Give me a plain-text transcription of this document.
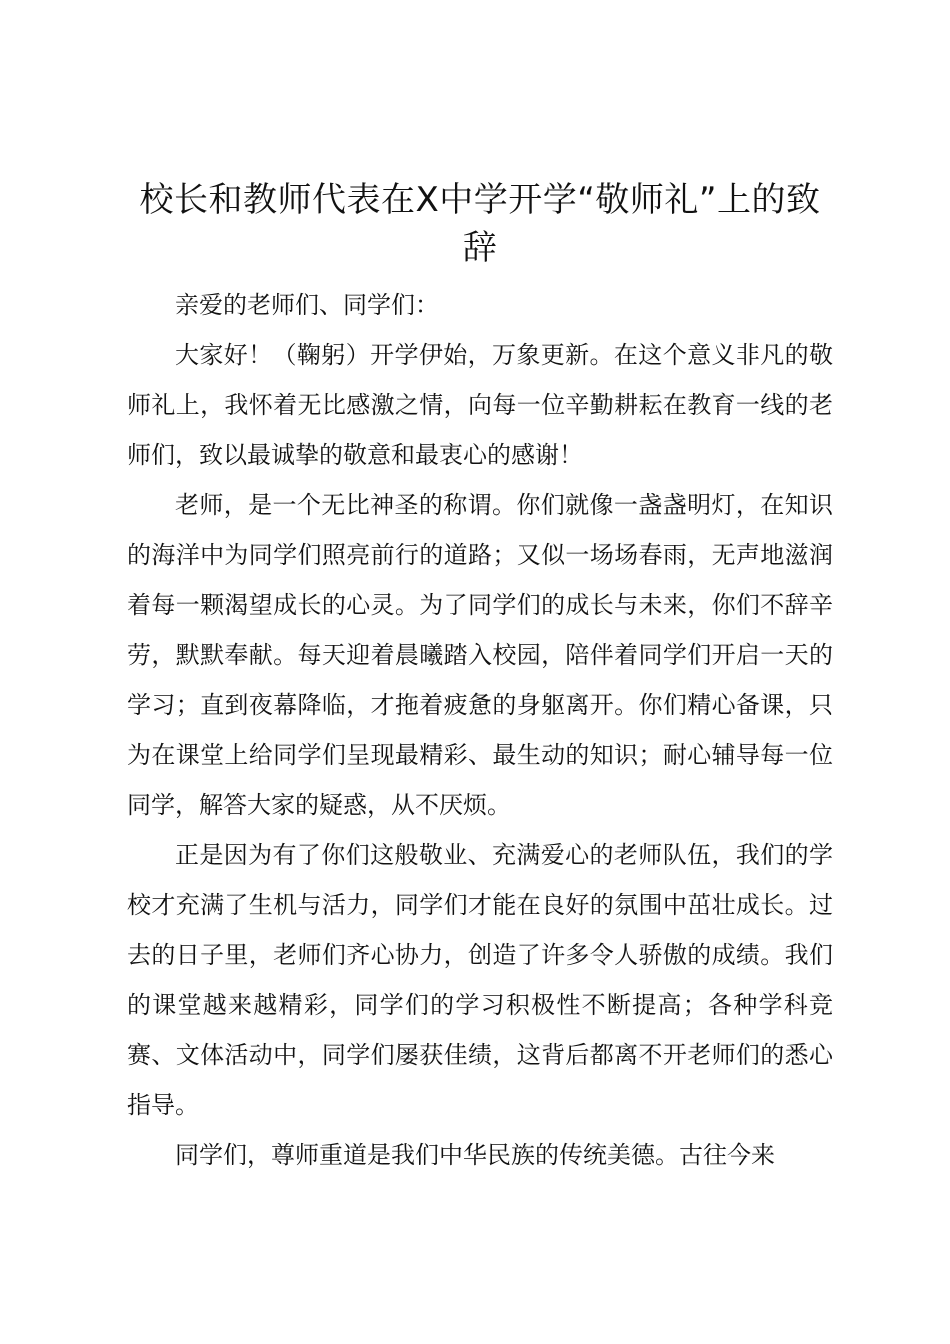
校长和教师代表在X中学开学“敬师礼”上的致辞

亲爱的老师们、同学们：

大家好！（鞠躬）开学伊始，万象更新。在这个意义非凡的敬师礼上，我怀着无比感激之情，向每一位辛勤耕耘在教育一线的老师们，致以最诚挚的敬意和最衷心的感谢！

老师，是一个无比神圣的称谓。你们就像一盏盏明灯，在知识的海洋中为同学们照亮前行的道路；又似一场场春雨，无声地滋润着每一颗渴望成长的心灵。为了同学们的成长与未来，你们不辞辛劳，默默奉献。每天迎着晨曦踏入校园，陪伴着同学们开启一天的学习；直到夜幕降临，才拖着疲惫的身躯离开。你们精心备课，只为在课堂上给同学们呈现最精彩、最生动的知识；耐心辅导每一位同学，解答大家的疑惑，从不厌烦。

正是因为有了你们这般敬业、充满爱心的老师队伍，我们的学校才充满了生机与活力，同学们才能在良好的氛围中茁壮成长。过去的日子里，老师们齐心协力，创造了许多令人骄傲的成绩。我们的课堂越来越精彩，同学们的学习积极性不断提高；各种学科竞赛、文体活动中，同学们屡获佳绩，这背后都离不开老师们的悉心指导。

同学们，尊师重道是我们中华民族的传统美德。古往今来
